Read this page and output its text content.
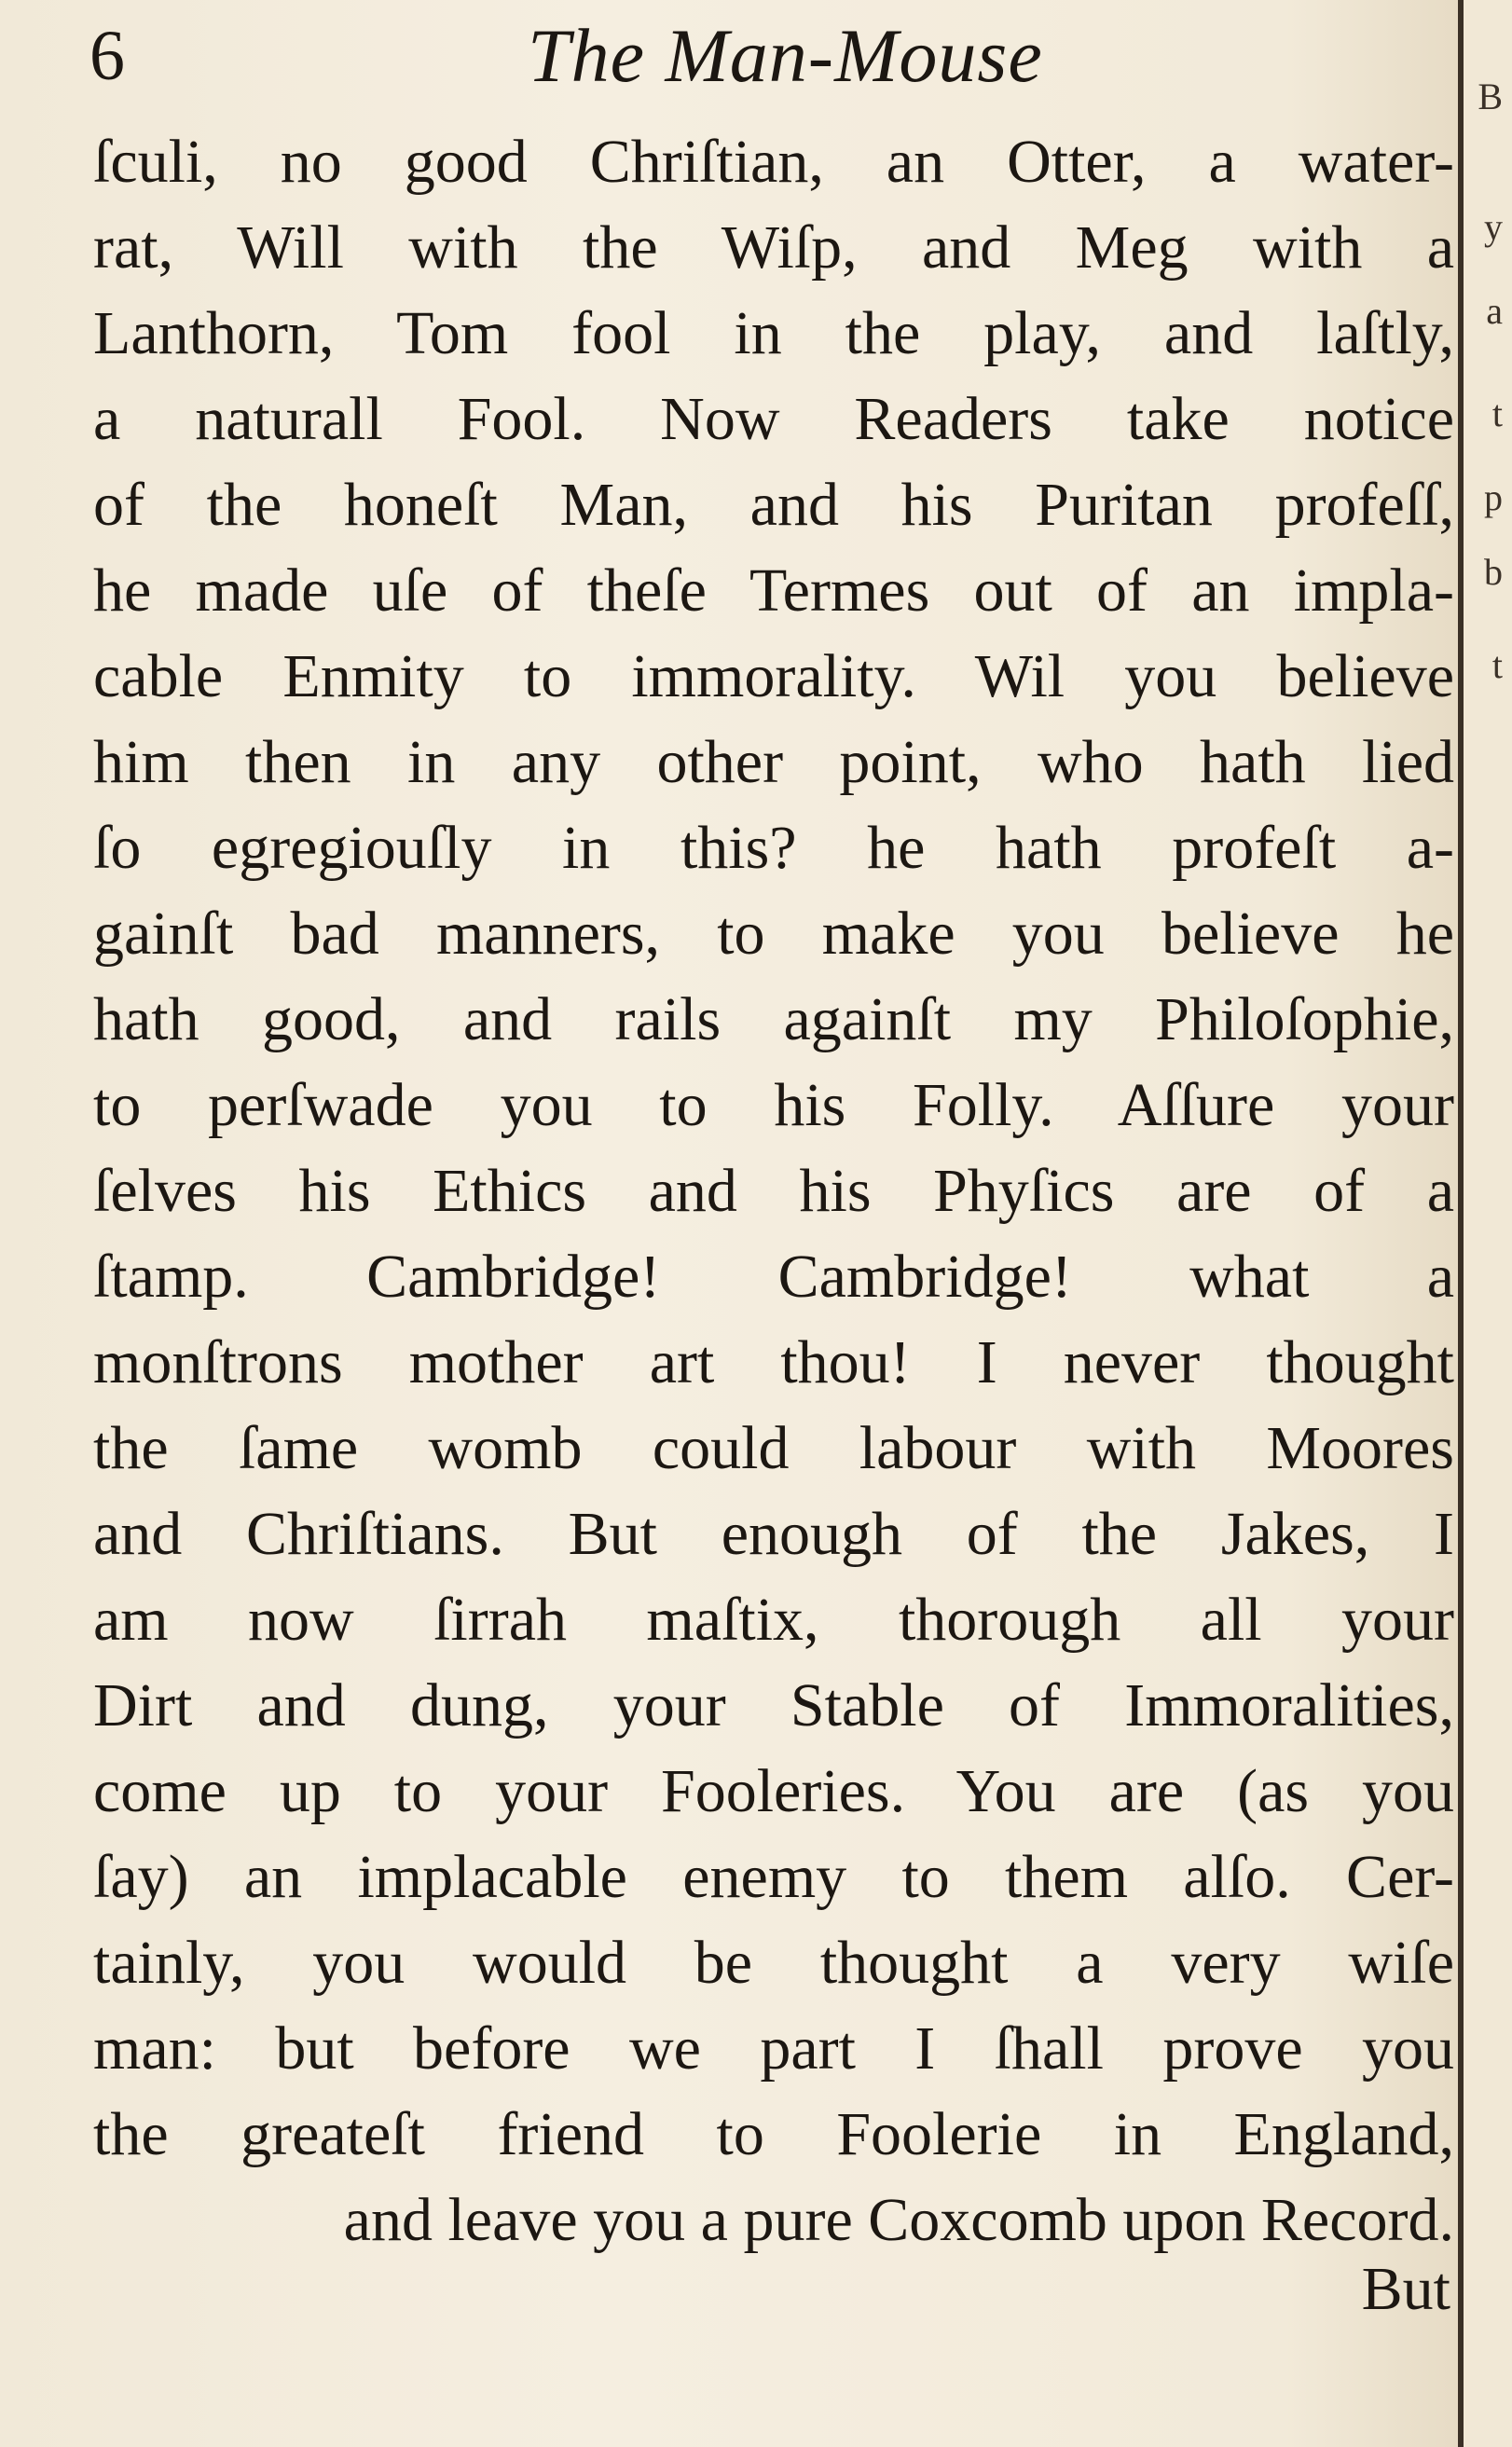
B
y
a
t
p
b
t
6	The Man-Mouse
ſculi, no good Chriſtian, an Otter, a water-
rat, Will with the Wiſp, and Meg with a
Lanthorn, Tom fool in the play, and laſtly,
a naturall Fool. Now Readers take notice
of the honeſt Man, and his Puritan profeſſ,
he made uſe of theſe Termes out of an impla-
cable Enmity to immorality. Wil you believe
him then in any other point, who hath lied
ſo egregiouſly in this? he hath profeſt a-
gainſt bad manners, to make you believe he
hath good, and rails againſt my Philoſophie,
to perſwade you to his Folly. Aſſure your
ſelves his Ethics and his Phyſics are of a
ſtamp. Cambridge! Cambridge! what a
monſtrons mother art thou! I never thought
the ſame womb could labour with Moores
and Chriſtians. But enough of the Jakes, I
am now ſirrah maſtix, thorough all your
Dirt and dung, your Stable of Immoralities,
come up to your Fooleries. You are (as you
ſay) an implacable enemy to them alſo. Cer-
tainly, you would be thought a very wiſe
man: but before we part I ſhall prove you
the greateſt friend to Foolerie in England,
and leave you a pure Coxcomb upon Record.
But
